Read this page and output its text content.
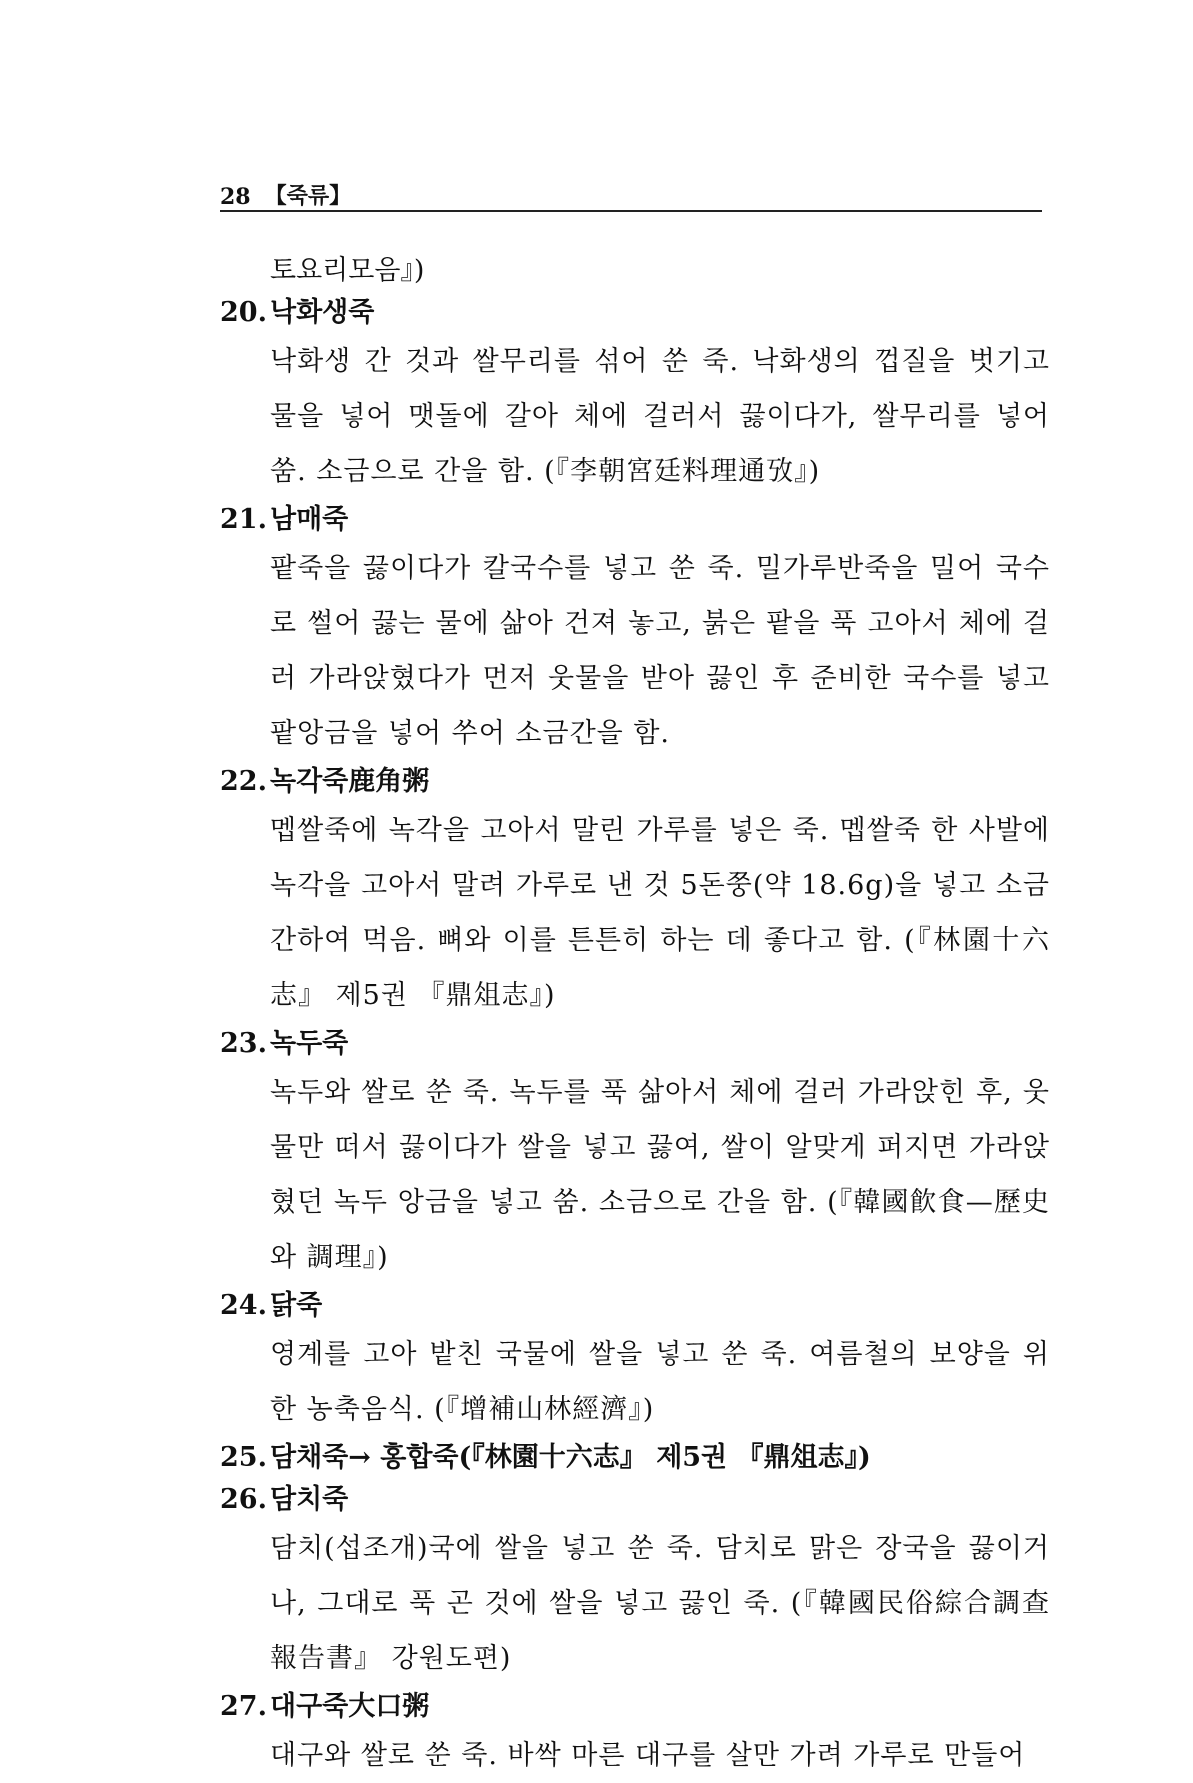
28 【죽류】
토요리모음』)
20. 낙화생죽
낙화생 간 것과 쌀무리를 섞어 쑨 죽. 낙화생의 껍질을 벗기고 물을 넣어 맷돌에 갈아 체에 걸러서 끓이다가, 쌀무리를 넣어 쑴. 소금으로 간을 함. (『李朝宮廷料理通攷』)
21. 남매죽
팥죽을 끓이다가 칼국수를 넣고 쑨 죽. 밀가루반죽을 밀어 국수로 썰어 끓는 물에 삶아 건져 놓고, 붉은 팥을 푹 고아서 체에 걸러 가라앉혔다가 먼저 웃물을 받아 끓인 후 준비한 국수를 넣고 팥앙금을 넣어 쑤어 소금간을 함.
22. 녹각죽鹿角粥
멥쌀죽에 녹각을 고아서 말린 가루를 넣은 죽. 멥쌀죽 한 사발에 녹각을 고아서 말려 가루로 낸 것 5돈쭝(약 18.6g)을 넣고 소금간하여 먹음. 뼈와 이를 튼튼히 하는 데 좋다고 함. (『林園十六志』 제5권 『鼎俎志』)
23. 녹두죽
녹두와 쌀로 쑨 죽. 녹두를 푹 삶아서 체에 걸러 가라앉힌 후, 웃물만 떠서 끓이다가 쌀을 넣고 끓여, 쌀이 알맞게 퍼지면 가라앉혔던 녹두 앙금을 넣고 쑴. 소금으로 간을 함. (『韓國飮食—歷史와 調理』)
24. 닭죽
영계를 고아 밭친 국물에 쌀을 넣고 쑨 죽. 여름철의 보양을 위한 농축음식. (『增補山林經濟』)
25. 담채죽→ 홍합죽(『林園十六志』 제5권 『鼎俎志』)
26. 담치죽
담치(섭조개)국에 쌀을 넣고 쑨 죽. 담치로 맑은 장국을 끓이거나, 그대로 푹 곤 것에 쌀을 넣고 끓인 죽. (『韓國民俗綜合調查報告書』 강원도편)
27. 대구죽大口粥
대구와 쌀로 쑨 죽. 바싹 마른 대구를 살만 가려 가루로 만들어
